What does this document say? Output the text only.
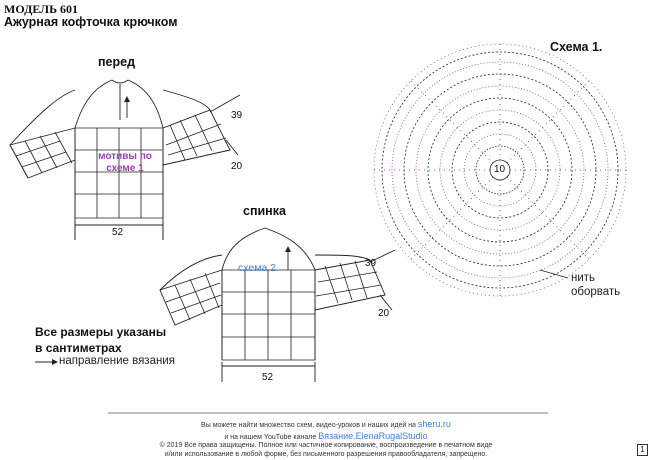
МОДЕЛЬ 601
Ажурная кофточка крючком
перед
мотивы по
схеме 1
39
20
52
спинка
схема 2	39
20
52
Все размеры указаны
в сантиметрах
направление вязания
Схема 1.
10
нить
оборвать
Вы можете найти множество схем, видео-уроков и наших идей на sheru.ru
и на нашем YouTube канале Вязание.ElenaRugalStudio
© 2019 Все права защищены. Полное или частичное копирование, воспроизведение в печатном виде
и/или использование в любой форме, без письменного разрешения правообладателя, запрещено.
1
